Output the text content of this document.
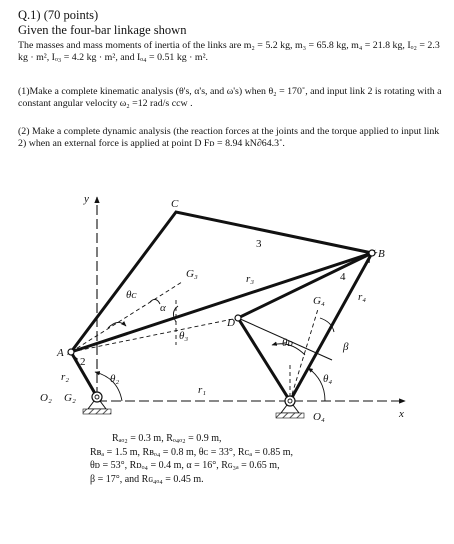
Q.1) (70 points)
Given the four-bar linkage shown
The masses and mass moments of inertia of the links are m₂ = 5.2 kg, m₃ = 65.8 kg, m₄ = 21.8 kg, Iₒ₂ = 2.3 kg · m², Iₒ₃ = 4.2 kg · m², and Iₒ₄ = 0.51 kg · m².
(1)Make a complete kinematic analysis (θ's, α's, and ω's) when θ₂ = 170˚, and input link 2 is rotating with a constant angular velocity ω₂ =12 rad/s ccw .
(2) Make a complete dynamic analysis (the reaction forces at the joints and the torque applied to input link 2) when an external force is applied at point D Fᴅ = 8.94 kN∂64.3˚.
C
B
A
D
O₂ G₂
G₃
G₄
O₄
y
x
3
4
2
r₁
r₂
r₃
r₄
θ₂
θ₃
θ₄
θᴄ
θᴅ
α
β
Rₐₒ₂ = 0.3 m, Rₒ₄ₒ₂ = 0.9 m,
Rʙₐ = 1.5 m, Rʙₒ₄ = 0.8 m, θᴄ = 33°, Rᴄₐ = 0.85 m,
θᴅ = 53°, Rᴅₒ₄ = 0.4 m, α = 16°, Rɢ₃ₐ = 0.65 m,
β = 17°, and Rɢ₄ₒ₄ = 0.45 m.
